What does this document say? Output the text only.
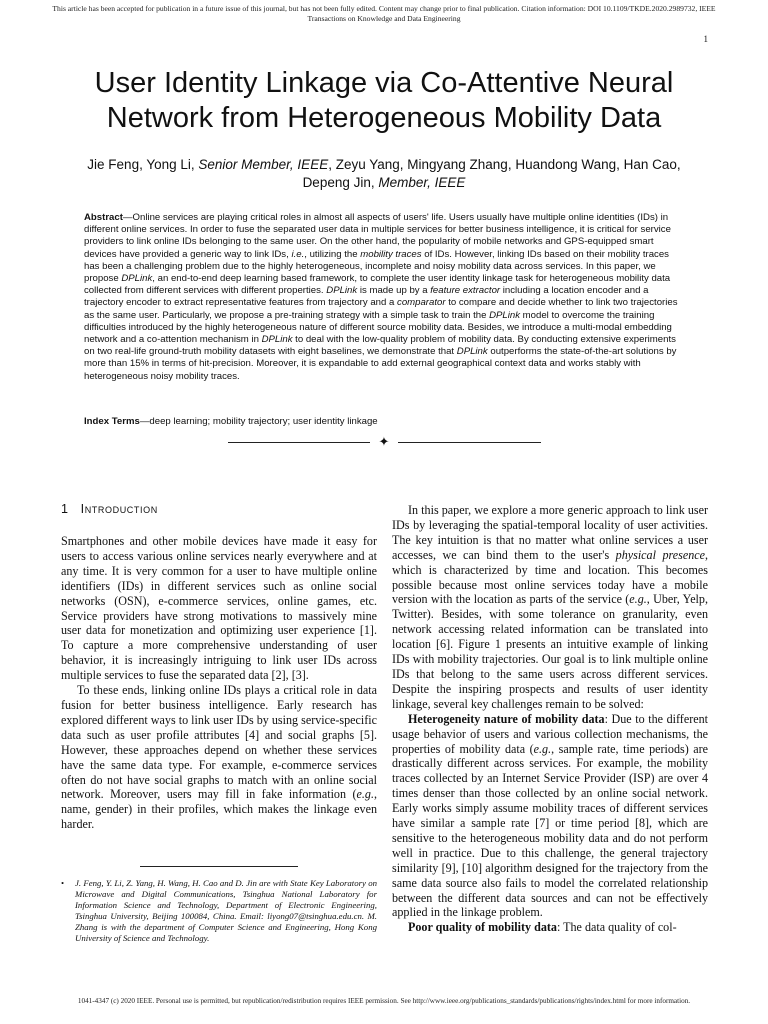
This article has been accepted for publication in a future issue of this journal, but has not been fully edited. Content may change prior to final publication. Citation information: DOI 10.1109/TKDE.2020.2989732, IEEE
Transactions on Knowledge and Data Engineering
1
User Identity Linkage via Co-Attentive Neural
Network from Heterogeneous Mobility Data
Jie Feng, Yong Li, Senior Member, IEEE, Zeyu Yang, Mingyang Zhang, Huandong Wang, Han Cao,
Depeng Jin, Member, IEEE
Abstract—Online services are playing critical roles in almost all aspects of users' life. Users usually have multiple online identities (IDs) in different online services. In order to fuse the separated user data in multiple services for better business intelligence, it is critical for service providers to link online IDs belonging to the same user. On the other hand, the popularity of mobile networks and GPS-equipped smart devices have provided a generic way to link IDs, i.e., utilizing the mobility traces of IDs. However, linking IDs based on their mobility traces has been a challenging problem due to the highly heterogeneous, incomplete and noisy mobility data across services. In this paper, we propose DPLink, an end-to-end deep learning based framework, to complete the user identity linkage task for heterogeneous mobility data collected from different services with different properties. DPLink is made up by a feature extractor including a location encoder and a trajectory encoder to extract representative features from trajectory and a comparator to compare and decide whether to link two trajectories as the same user. Particularly, we propose a pre-training strategy with a simple task to train the DPLink model to overcome the training difficulties introduced by the highly heterogeneous nature of different source mobility data. Besides, we introduce a multi-modal embedding network and a co-attention mechanism in DPLink to deal with the low-quality problem of mobility data. By conducting extensive experiments on two real-life ground-truth mobility datasets with eight baselines, we demonstrate that DPLink outperforms the state-of-the-art solutions by more than 15% in terms of hit-precision. Moreover, it is expandable to add external geographical context data and works stably with heterogeneous noisy mobility traces.
Index Terms—deep learning; mobility trajectory; user identity linkage
✦
1 Introduction

Smartphones and other mobile devices have made it easy for users to access various online services nearly everywhere and at any time. It is very common for a user to have multiple online identifiers (IDs) in different services such as online social networks (OSN), e-commerce services, online games, etc. Service providers have strong motivations to massively mine user data for monetization and optimizing user experience [1]. To capture a more comprehensive understanding of user behavior, it is increasingly intriguing to link user IDs across multiple services to fuse the separated data [2], [3].

To these ends, linking online IDs plays a critical role in data fusion for better business intelligence. Early research has explored different ways to link user IDs by using service-specific data such as user profile attributes [4] and social graphs [5]. However, these approaches depend on whether these services have the same data type. For example, e-commerce services often do not have social graphs to match with an online social network. Moreover, users may fill in fake information (e.g., name, gender) in their profiles, which makes the linkage even harder.

• J. Feng, Y. Li, Z. Yang, H. Wang, H. Cao and D. Jin are with State Key Laboratory on Microwave and Digital Communications, Tsinghua National Laboratory for Information Science and Technology, Department of Electronic Engineering, Tsinghua University, Beijing 100084, China. Email: liyong07@tsinghua.edu.cn. M. Zhang is with the department of Computer Science and Engineering, Hong Kong University of Science and Technology.

In this paper, we explore a more generic approach to link user IDs by leveraging the spatial-temporal locality of user activities. The key intuition is that no matter what online services a user accesses, we can bind them to the user's physical presence, which is characterized by time and location. This becomes possible because most online services today have a mobile version with the location as parts of the service (e.g., Uber, Yelp, Twitter). Besides, with some tolerance on granularity, even network accessing related information can be translated into location [6]. Figure 1 presents an intuitive example of linking IDs with mobility trajectories. Our goal is to link multiple online IDs that belong to the same users across different services. Despite the inspiring prospects and results of user identity linkage, several key challenges remain to be solved:

Heterogeneity nature of mobility data: Due to the different usage behavior of users and various collection mechanisms, the properties of mobility data (e.g., sample rate, time periods) are drastically different across services. For example, the mobility traces collected by an Internet Service Provider (ISP) are over 4 times denser than those collected by an online social network. Early works simply assume mobility traces of different services have similar a sample rate [7] or time period [8], which are sensitive to the heterogeneous mobility data and do not perform well in practice. Due to this challenge, the general trajectory similarity [9], [10] algorithm designed for the trajectory from the same data source also fails to model the correlated relationship between the different data sources and can not be effectively applied in the linkage problem.

Poor quality of mobility data: The data quality of col-

1041-4347 (c) 2020 IEEE. Personal use is permitted, but republication/redistribution requires IEEE permission. See http://www.ieee.org/publications_standards/publications/rights/index.html for more information.
